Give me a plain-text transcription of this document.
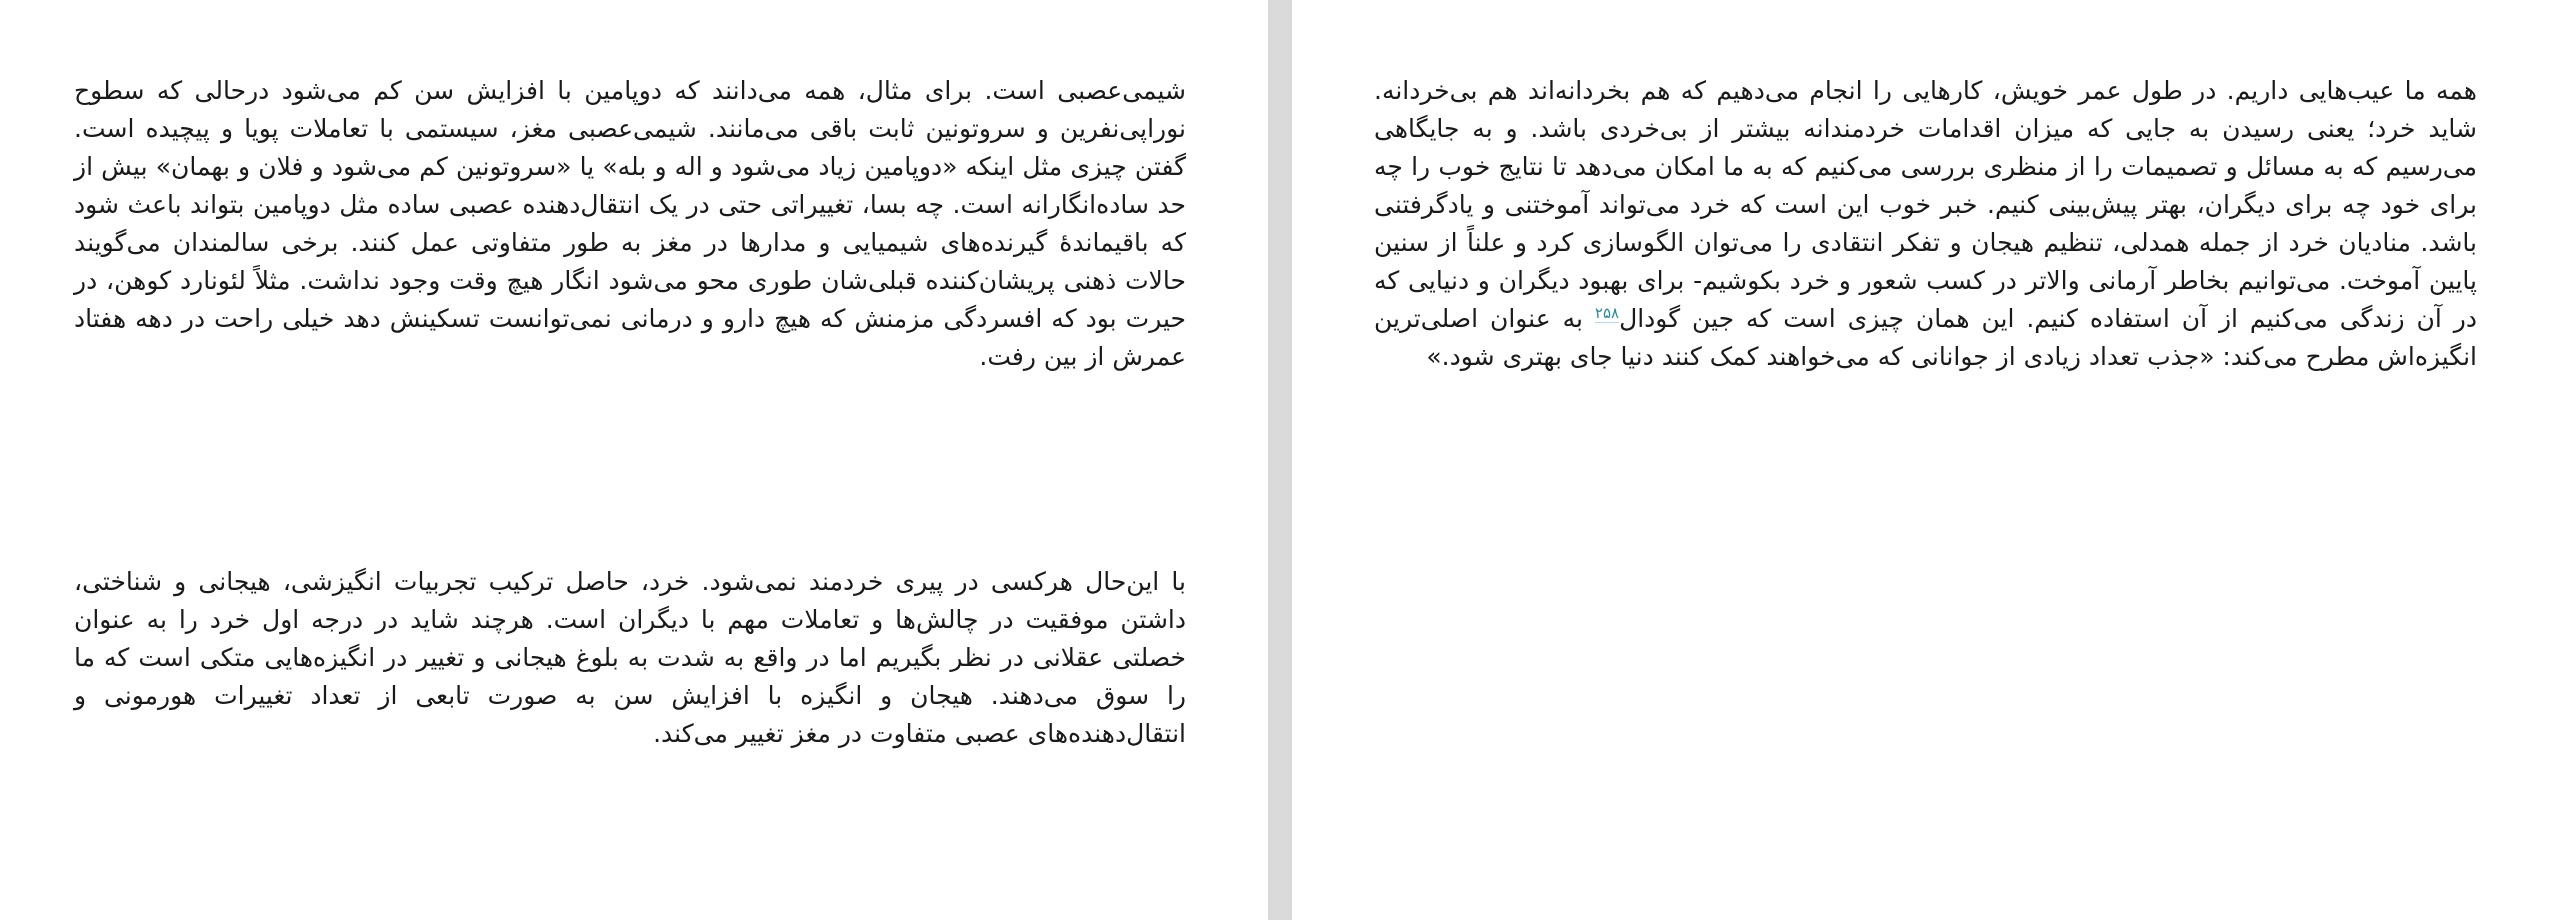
شیمی‌عصبی است. برای مثال، همه می‌دانند که دوپامین با افزایش سن کم می‌شود درحالی که سطوح نوراپی‌نفرین و سروتونین ثابت باقی می‌مانند. شیمی‌عصبی مغز، سیستمی با تعاملات پویا و پیچیده است. گفتن چیزی مثل اینکه «دوپامین زیاد می‌شود و اله و بله» یا «سروتونین کم می‌شود و فلان و بهمان» بیش از حد ساده‌انگارانه است. چه بسا، تغییراتی حتی در یک انتقال‌دهنده عصبی ساده مثل دوپامین بتواند باعث شود که باقیماندهٔ گیرنده‌های شیمیایی و مدارها در مغز به طور متفاوتی عمل کنند. برخی سالمندان می‌گویند حالات ذهنی پریشان‌کننده قبلی‌شان طوری محو می‌شود انگار هیچ وقت وجود نداشت. مثلاً لئونارد کوهن، در حیرت بود که افسردگی مزمنش که هیچ دارو و درمانی نمی‌توانست تسکینش دهد خیلی راحت در دهه هفتاد عمرش از بین رفت.

با این‌حال هرکسی در پیری خردمند نمی‌شود. خرد، حاصل ترکیب تجربیات انگیزشی، هیجانی و شناختی، داشتن موفقیت در چالش‌ها و تعاملات مهم با دیگران است. هرچند شاید در درجه اول خرد را به عنوان خصلتی عقلانی در نظر بگیریم اما در واقع به شدت به بلوغ هیجانی و تغییر در انگیزه‌هایی متکی است که ما را سوق می‌دهند. هیجان و انگیزه با افزایش سن به صورت تابعی از تعداد تغییرات هورمونی و انتقال‌دهنده‌های عصبی متفاوت در مغز تغییر می‌کند.

همه ما عیب‌هایی داریم. در طول عمر خویش، کارهایی را انجام می‌دهیم که هم بخردانه‌اند هم بی‌خردانه. شاید خرد؛ یعنی رسیدن به جایی که میزان اقدامات خردمندانه بیشتر از بی‌خردی باشد. و به جایگاهی می‌رسیم که به مسائل و تصمیمات را از منظری بررسی می‌کنیم که به ما امکان می‌دهد تا نتایج خوب را چه برای خود چه برای دیگران، بهتر پیش‌بینی کنیم. خبر خوب این است که خرد می‌تواند آموختنی و یادگرفتنی باشد. منادیان خرد از جمله همدلی، تنظیم هیجان و تفکر انتقادی را می‌توان الگوسازی کرد و علناً از سنین پایین آموخت. می‌توانیم بخاطر آرمانی والاتر در کسب شعور و خرد بکوشیم- برای بهبود دیگران و دنیایی که در آن زندگی می‌کنیم از آن استفاده کنیم. این همان چیزی است که جین گودال$^{۲۵۸}$ به عنوان اصلی‌ترین انگیزه‌اش مطرح می‌کند: «جذب تعداد زیادی از جوانانی که می‌خواهند کمک کنند دنیا جای بهتری شود.»
